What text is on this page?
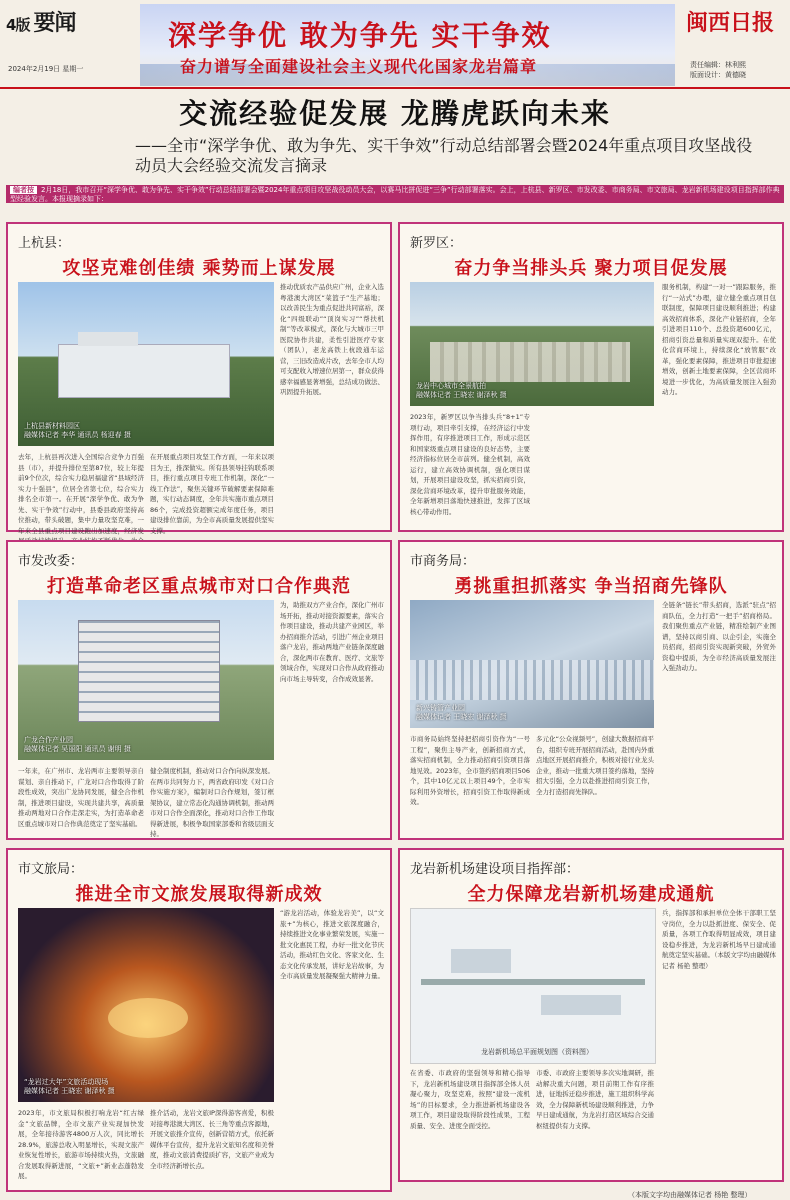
4版 要闻
2024年2月19日 星期一
深学争优 敢为争先 实干争效
奋力谱写全面建设社会主义现代化国家龙岩篇章
闽西日报
责任编辑：林利熙
版面设计：黄德晓
交流经验促发展 龙腾虎跃向未来
——全市“深学争优、敢为争先、实干争效”行动总结部署会暨2024年重点项目攻坚战役动员大会经验交流发言摘录
编者按 2月18日，我市召开“深学争优、敢为争先、实干争效”行动总结部署会暨2024年重点项目攻坚战役动员大会，以赛马比拼促进“三争”行动部署落实。会上，上杭县、新罗区、市发改委、市商务局、市文旅局、龙岩新机场建设项目指挥部作典型经验发言。本报现摘录如下：
上杭县：
攻坚克难创佳绩 乘势而上谋发展
上杭县新材料园区
融媒体记者 李华 通讯员 杨迎春 摄
推动优质农产品供应广州，企业入选粤港澳大湾区“菜篮子”生产基地；以改善民生为重点促进共同富裕，深化“四级联动”“顶岗实习”“帮扶机制”等改革模式，深化与大城市三甲医院协作共建，柔性引进医疗专家（团队），老龙高铁上杭段通车运营，三旧改造成片改，去年全市人均可支配收入增速位居第一，群众获得感幸福感显著增强，总结成功做法、巩固提升拓展。
去年，上杭县再次进入全国综合竞争力百强县（市），并提升排位至第87位，较上年提前9个位次，综合实力稳居福建省“县域经济实力十强县”，位居全省第七位，综合实力排名全市第一。在开展“深学争优、敢为争先、实干争效”行动中，县委县政府坚持高位推动，带头破题，集中力量攻坚克难，一年来全县重点项目建设跑出加速度，经济发
在开展重点项目攻坚工作方面，一年来以项目为王，推深做实。所有县领导挂钩联系项目，推行重点项目专班工作机制，深化“一线工作法”，聚焦关键环节破解要素保障难题，实行动态调度，全年共实施市重点项目86个，完成投资超额完成年度任务，项目建设排位靠前，为全市高质量发展提供坚实支撑。
新罗区：
奋力争当排头兵 聚力项目促发展
龙岩中心城市全景航拍
融媒体记者 王晓宏 谢泽秋 摄
服务机制，构建“一对一”跟踪服务，推行“一站式”办理，建立健全重点项目包联制度，保障项目建设顺利推进；构建高效招商体系，深化产业链招商，全年引进项目110个、总投资超600亿元，招商引资总量和质量实现双提升。在优化营商环境上，持续深化“放管服”改革，强化要素保障，推进项目审批提速增效，创新土地要素保障，全区营商环境进一步优化，为高质量发展注入强劲动力。
2023年，新罗区以争当排头兵“8+1”专项行动，项目牵引支撑，在经济运行中发挥作用，有序推进项目工作，形成示范区和国家级重点项目建设的良好态势，主要经济指标位居全市前列。健全机制，高效运行，建立高效协调机制，强化项目谋划，开展项目建设攻坚，抓实招商引资，深化营商环境改革，提升审批服务效能，全年新增项目落地快速推进，发挥了区域核心带动作用。
市发改委：
打造革命老区重点城市对口合作典范
广龙合作产业园
融媒体记者 吴丽阳 通讯员 谢明 摄
为，助推双方产业合作，深化广州市场开拓，推动对接资源要素，落实合作项目建设，推动共建产业园区，举办招商推介活动，引进广州企业项目落户龙岩，推动两地产业链条深度融合，深化两市在教育、医疗、文旅等领域合作，实现对口合作从政府推动向市场主导转变，合作成效显著。
一年来，在广州市、龙岩两市主要领导亲自谋划、亲自推动下，广龙对口合作取得了阶段性成效，突出广龙协同发展，健全合作机制，推进项目建设，实现共建共享，高质量推动两地对口合作走深走实，为打造革命老区重点城市对口合作典范奠定了坚实基础。
健全制度机制，推动对口合作向纵深发展。在两市共同努力下，两省政府印发《对口合作实施方案》，编制对口合作规划，签订框架协议，建立常态化沟通协调机制，推动两市对口合作全面深化，推动对口合作工作取得新进展，积极争取国家部委和省级层面支持。
市商务局：
勇挑重担抓落实 争当招商先锋队
新兴铸管产业园
融媒体记者 王晓宏 谢泽秋 摄
全链条“链长”带头招商，选派“驻点”招商队伍，全力打造“一把手”招商格局。我们聚焦重点产业链，精准绘制产业图谱，坚持以商引商、以企引企，实施全员招商，招商引资实现新突破，外贸外资稳中提质，为全市经济高质量发展注入强劲动力。
市商务局始终坚持把招商引资作为“一号工程”，聚焦主导产业，创新招商方式，落实招商机制，全力推动招商引资项目落地见效。2023年，全市签约招商项目506个，其中10亿元以上项目49个，全市实际利用外资增长，招商引资工作取得新成效。
多元化“公众视频号”，创建大数据招商平台，组织专班开展招商活动，赴国内外重点地区开展招商推介，积极对接行业龙头企业，推动一批重大项目签约落地，坚持招大引强，全力以赴推进招商引资工作，全力打造招商先锋队。
市文旅局：
推进全市文旅发展取得新成效
“龙岩过大年”文旅活动现场
融媒体记者 王晓宏 谢泽秋 摄
“游龙岩活动，体验龙岩美”，以“文旅+”为核心，推进文旅深度融合，持续推进文化事业繁荣发展，实施一批文化惠民工程，办好一批文化节庆活动，推动红色文化、客家文化、生态文化传承发展，讲好龙岩故事，为全市高质量发展凝聚强大精神力量。
2023年，市文旅局积极打响龙岩“红古绿金”文旅品牌，全市文旅产业实现加快发展，全年接待游客4800万人次，同比增长28.9%，旅游总收入明显增长，实现文旅产业恢复性增长，旅游市场持续火热，文旅融合发展取得新进展，“文旅+”新业态蓬勃发展。
推介活动，龙岩文旅IP深得游客喜爱，积极对接粤港澳大湾区、长三角等重点客源地，开展文旅推介宣传，创新营销方式，依托新媒体平台宣传，提升龙岩文旅知名度和美誉度，推动文旅消费提质扩容，文旅产业成为全市经济新增长点。
龙岩新机场建设项目指挥部：
全力保障龙岩新机场建成通航
龙岩新机场总平面规划图（资料图）
兵，指挥部和承担单位全体干部职工坚守岗位，全力以赴抓进度、保安全、促质量，各项工作取得明显成效，项目建设稳步推进，为龙岩新机场早日建成通航奠定坚实基础。（本版文字均由融媒体记者 杨艳 整理）
在省委、市政府的坚强领导和精心指导下，龙岩新机场建设项目指挥部全体人员凝心聚力，攻坚克难，按照“建设一流机场”的目标要求，全力推进新机场建设各项工作，项目建设取得阶段性成果，工程质量、安全、进度全面受控。
市委、市政府主要领导多次实地调研，推动解决重大问题，项目前期工作有序推进，征地拆迁稳步推进，施工组织科学高效，全力保障新机场建设顺利推进，力争早日建成通航，为龙岩打造区域综合交通枢纽提供有力支撑。
（本版文字均由融媒体记者 杨艳 整理）
